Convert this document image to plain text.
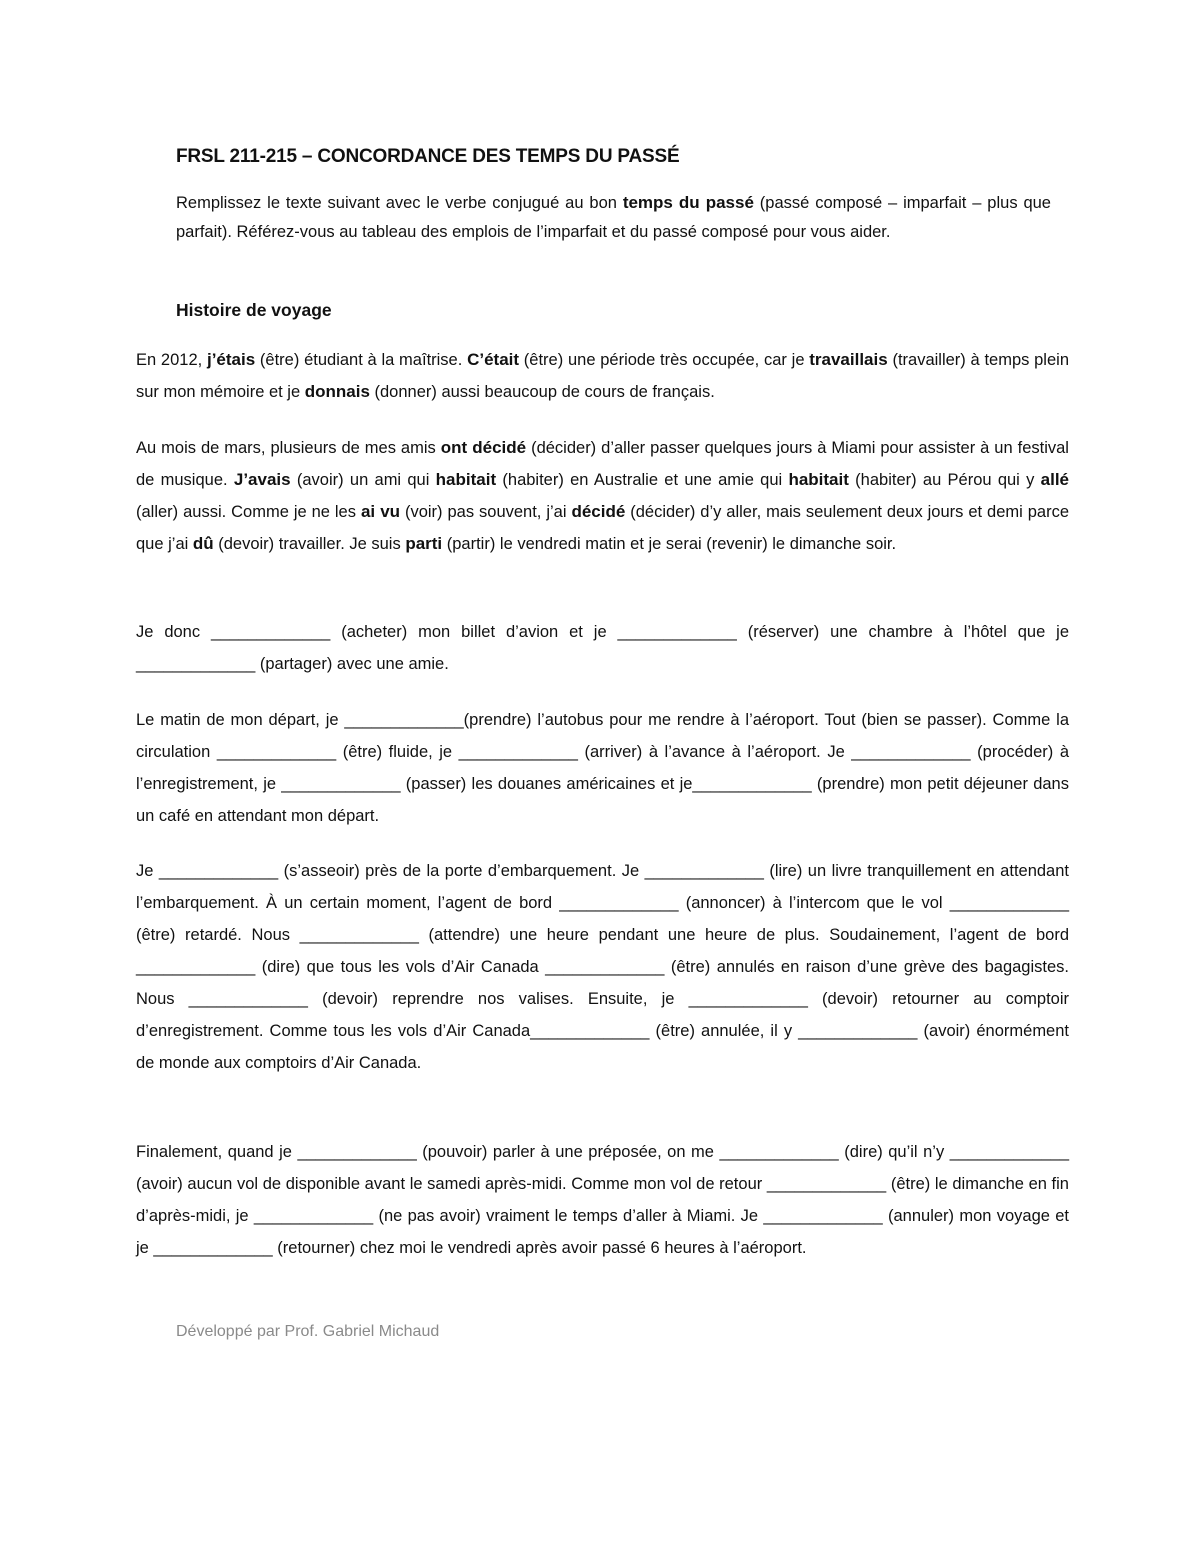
FRSL 211-215 – CONCORDANCE DES TEMPS DU PASSÉ
Remplissez le texte suivant avec le verbe conjugué au bon temps du passé (passé composé – imparfait – plus que parfait). Référez-vous au tableau des emplois de l’imparfait et du passé composé pour vous aider.
Histoire de voyage
En 2012, j’étais (être) étudiant à la maîtrise. C’était (être) une période très occupée, car je travaillais (travailler) à temps plein sur mon mémoire et je donnais (donner) aussi beaucoup de cours de français.
Au mois de mars, plusieurs de mes amis ont décidé (décider) d’aller passer quelques jours à Miami pour assister à un festival de musique. J’avais (avoir) un ami qui habitait (habiter) en Australie et une amie qui habitait (habiter) au Pérou qui y allé (aller) aussi. Comme je ne les ai vu (voir) pas souvent, j’ai décidé (décider) d’y aller, mais seulement deux jours et demi parce que j’ai dû (devoir) travailler. Je suis parti (partir) le vendredi matin et je serai (revenir) le dimanche soir.
Je donc _____________ (acheter) mon billet d’avion et je _____________ (réserver) une chambre à l’hôtel que je _____________ (partager) avec une amie.
Le matin de mon départ, je _____________(prendre) l’autobus pour me rendre à l’aéroport. Tout (bien se passer). Comme la circulation _____________ (être) fluide, je _____________ (arriver) à l’avance à l’aéroport. Je _____________ (procéder) à l’enregistrement, je _____________ (passer) les douanes américaines et je_____________ (prendre) mon petit déjeuner dans un café en attendant mon départ.
Je _____________ (s’asseoir) près de la porte d’embarquement. Je _____________ (lire) un livre tranquillement en attendant l’embarquement. À un certain moment, l’agent de bord _____________ (annoncer) à l’intercom que le vol _____________ (être) retardé. Nous _____________ (attendre) une heure pendant une heure de plus. Soudainement, l’agent de bord _____________ (dire) que tous les vols d’Air Canada _____________ (être) annulés en raison d’une grève des bagagistes. Nous _____________ (devoir) reprendre nos valises. Ensuite, je _____________ (devoir) retourner au comptoir d’enregistrement. Comme tous les vols d’Air Canada_____________ (être) annulée, il y _____________ (avoir) énormément de monde aux comptoirs d’Air Canada.
Finalement, quand je _____________ (pouvoir) parler à une préposée, on me _____________ (dire) qu’il n’y _____________ (avoir) aucun vol de disponible avant le samedi après-midi. Comme mon vol de retour _____________ (être) le dimanche en fin d’après-midi, je _____________ (ne pas avoir) vraiment le temps d’aller à Miami. Je _____________ (annuler) mon voyage et je _____________ (retourner) chez moi le vendredi après avoir passé 6 heures à l’aéroport.
Développé par Prof. Gabriel Michaud
